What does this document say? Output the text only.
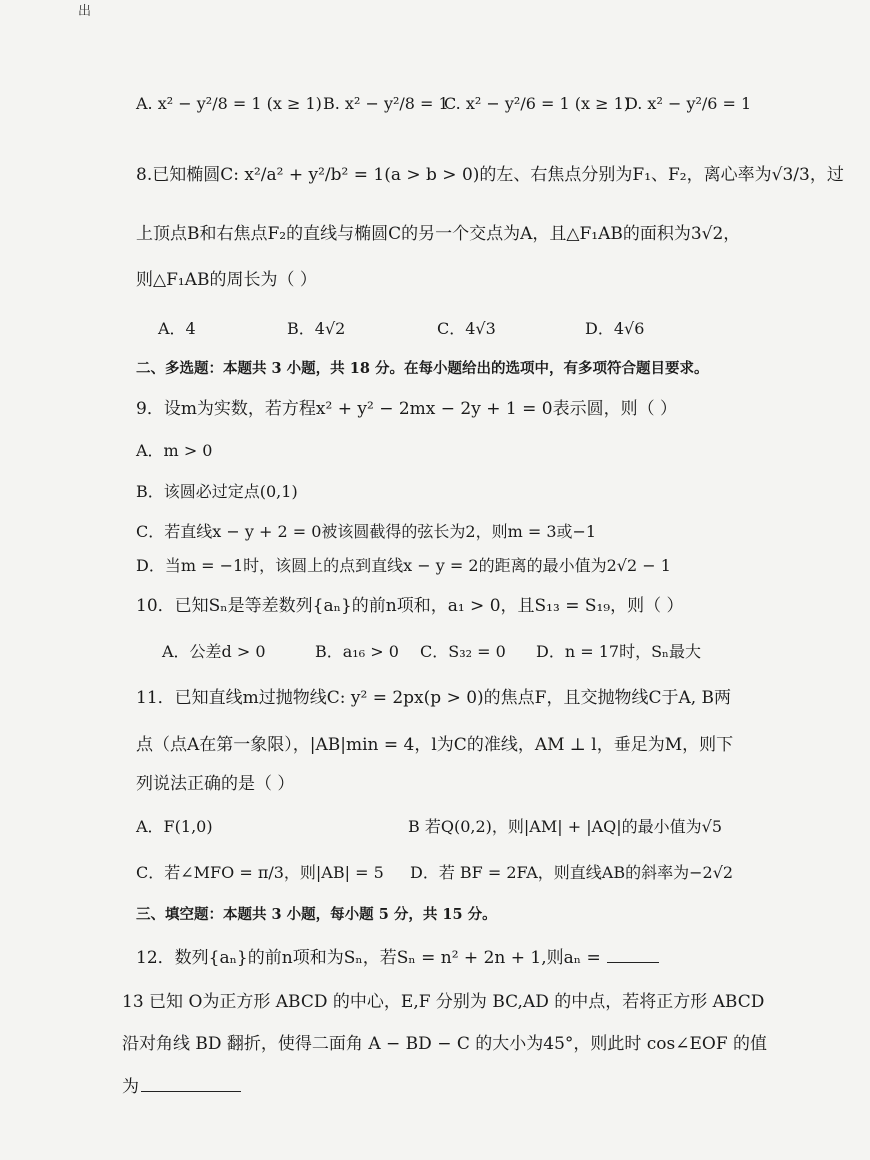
出
A. x² − y²/8 = 1 (x ≥ 1) B. x² − y²/8 = 1
C. x² − y²/6 = 1 (x ≥ 1)
D. x² − y²/6 = 1
8.已知椭圆C: x²/a² + y²/b² = 1(a > b > 0)的左、右焦点分别为F₁、F₂，离心率为√3/3，过
上顶点B和右焦点F₂的直线与椭圆C的另一个交点为A，且△F₁AB的面积为3√2，
则△F₁AB的周长为（ ）
A．4	B．4√2	C．4√3	D．4√6
二、多选题：本题共 3 小题，共 18 分。在每小题给出的选项中，有多项符合题目要求。
9．设m为实数，若方程x² + y² − 2mx − 2y + 1 = 0表示圆，则（ ）
A．m > 0
B．该圆必过定点(0,1)
C．若直线x − y + 2 = 0被该圆截得的弦长为2，则m = 3或−1
D．当m = −1时，该圆上的点到直线x − y = 2的距离的最小值为2√2 − 1
10．已知Sₙ是等差数列{aₙ}的前n项和，a₁ > 0，且S₁₃ = S₁₉，则（ ）
A．公差d > 0	B．a₁₆ > 0 C．S₃₂ = 0 D．n = 17时，Sₙ最大
11．已知直线m过抛物线C: y² = 2px(p > 0)的焦点F，且交抛物线C于A, B两
点（点A在第一象限），|AB|min = 4，l为C的准线，AM ⊥ l，垂足为M，则下
列说法正确的是（ ）
A．F(1,0)	B 若Q(0,2)，则|AM| + |AQ|的最小值为√5
C．若∠MFO = π/3，则|AB| = 5 D．若 BF = 2FA，则直线AB的斜率为−2√2
三、填空题：本题共 3 小题，每小题 5 分，共 15 分。
12．数列{aₙ}的前n项和为Sₙ，若Sₙ = n² + 2n + 1,则aₙ =
13 已知 O为正方形 ABCD 的中心，E,F 分别为 BC,AD 的中点，若将正方形 ABCD
沿对角线 BD 翻折，使得二面角 A − BD − C 的大小为45°，则此时 cos∠EOF 的值
为
